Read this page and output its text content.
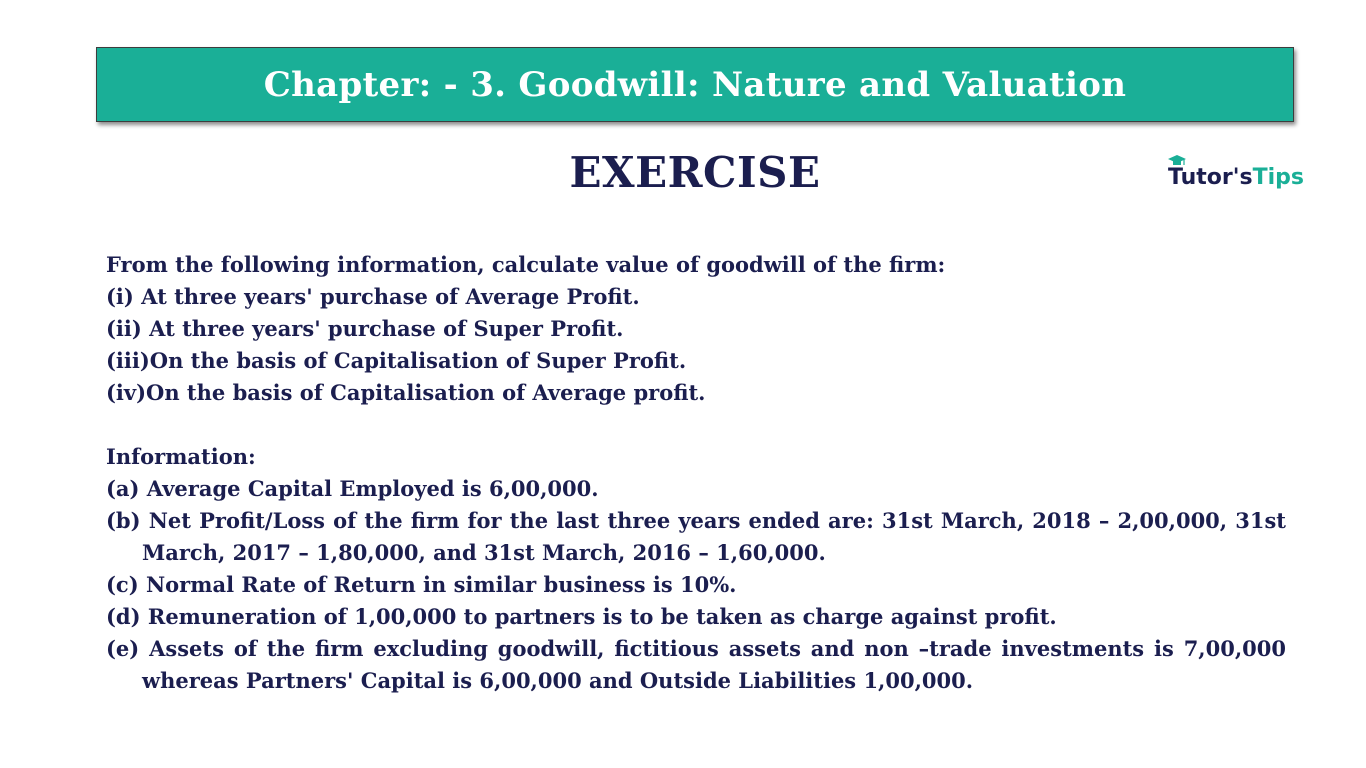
Chapter: - 3. Goodwill: Nature and Valuation
EXERCISE	Tutor's Tips
From the following information, calculate value of goodwill of the firm:
(i) At three years' purchase of Average Profit.
(ii) At three years' purchase of Super Profit.
(iii)On the basis of Capitalisation of Super Profit.
(iv)On the basis of Capitalisation of Average profit.
Information:
(a) Average Capital Employed is 6,00,000.
(b) Net Profit/Loss of the firm for the last three years ended are: 31st March, 2018 – 2,00,000, 31st March, 2017 – 1,80,000, and 31st March, 2016 – 1,60,000.
(c) Normal Rate of Return in similar business is 10%.
(d) Remuneration of 1,00,000 to partners is to be taken as charge against profit.
(e) Assets of the firm excluding goodwill, fictitious assets and non –trade investments is 7,00,000 whereas Partners' Capital is 6,00,000 and Outside Liabilities 1,00,000.
